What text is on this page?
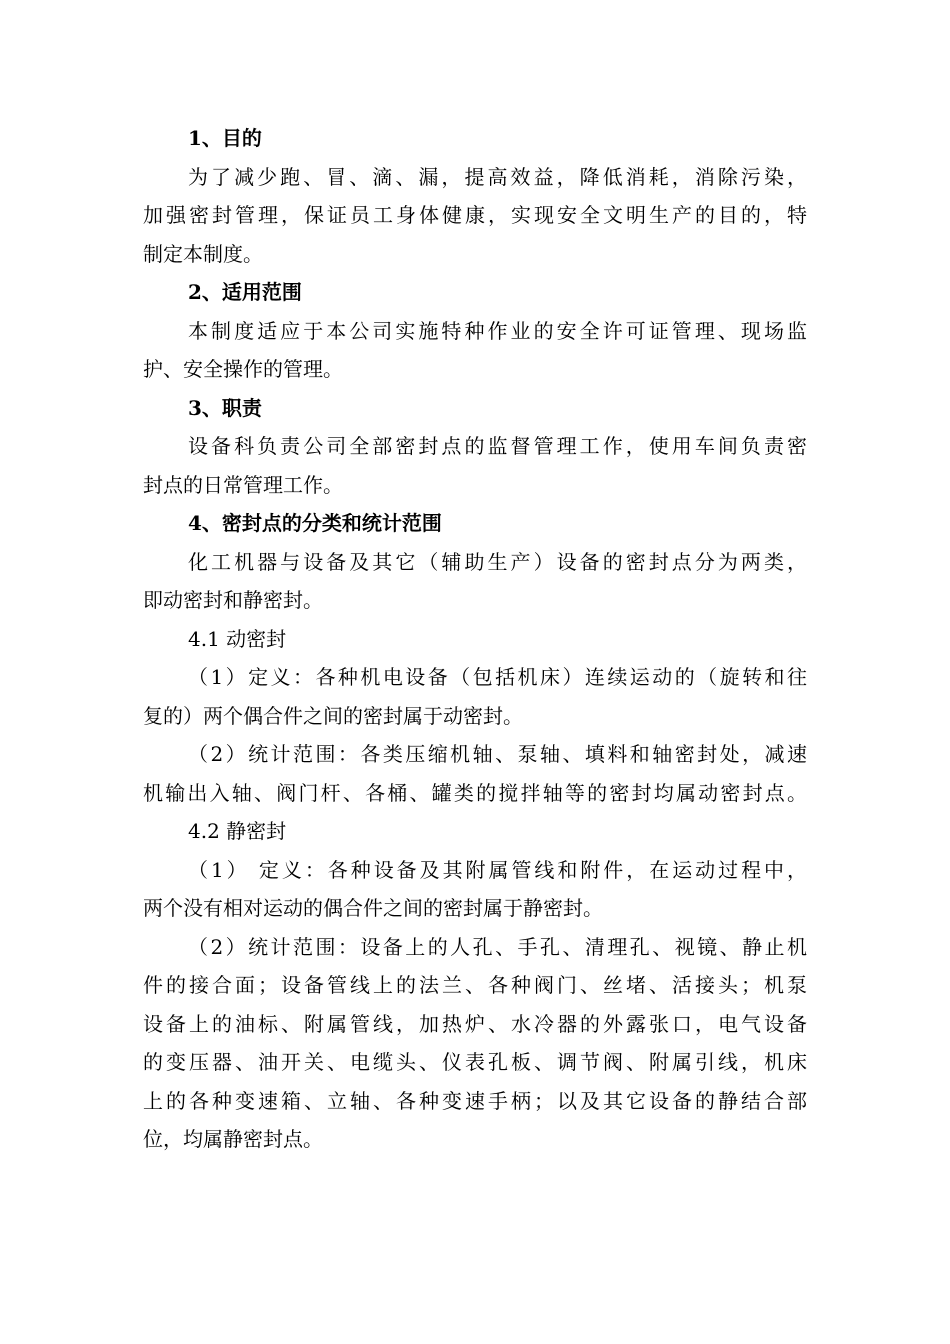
1、目的
为了减少跑、冒、滴、漏，提高效益，降低消耗，消除污染，
加强密封管理，保证员工身体健康，实现安全文明生产的目的，特
制定本制度。
2、适用范围
本制度适应于本公司实施特种作业的安全许可证管理、现场监
护、安全操作的管理。
3、职责
设备科负责公司全部密封点的监督管理工作，使用车间负责密
封点的日常管理工作。
4、密封点的分类和统计范围
化工机器与设备及其它（辅助生产）设备的密封点分为两类，
即动密封和静密封。
4.1 动密封
（1）定义：各种机电设备（包括机床）连续运动的（旋转和往
复的）两个偶合件之间的密封属于动密封。
（2）统计范围：各类压缩机轴、泵轴、填料和轴密封处，减速
机输出入轴、阀门杆、各桶、罐类的搅拌轴等的密封均属动密封点。
4.2 静密封
（1） 定义：各种设备及其附属管线和附件，在运动过程中，
两个没有相对运动的偶合件之间的密封属于静密封。
（2）统计范围：设备上的人孔、手孔、清理孔、视镜、静止机
件的接合面；设备管线上的法兰、各种阀门、丝堵、活接头；机泵
设备上的油标、附属管线，加热炉、水冷器的外露张口，电气设备
的变压器、油开关、电缆头、仪表孔板、调节阀、附属引线，机床
上的各种变速箱、立轴、各种变速手柄；以及其它设备的静结合部
位，均属静密封点。
